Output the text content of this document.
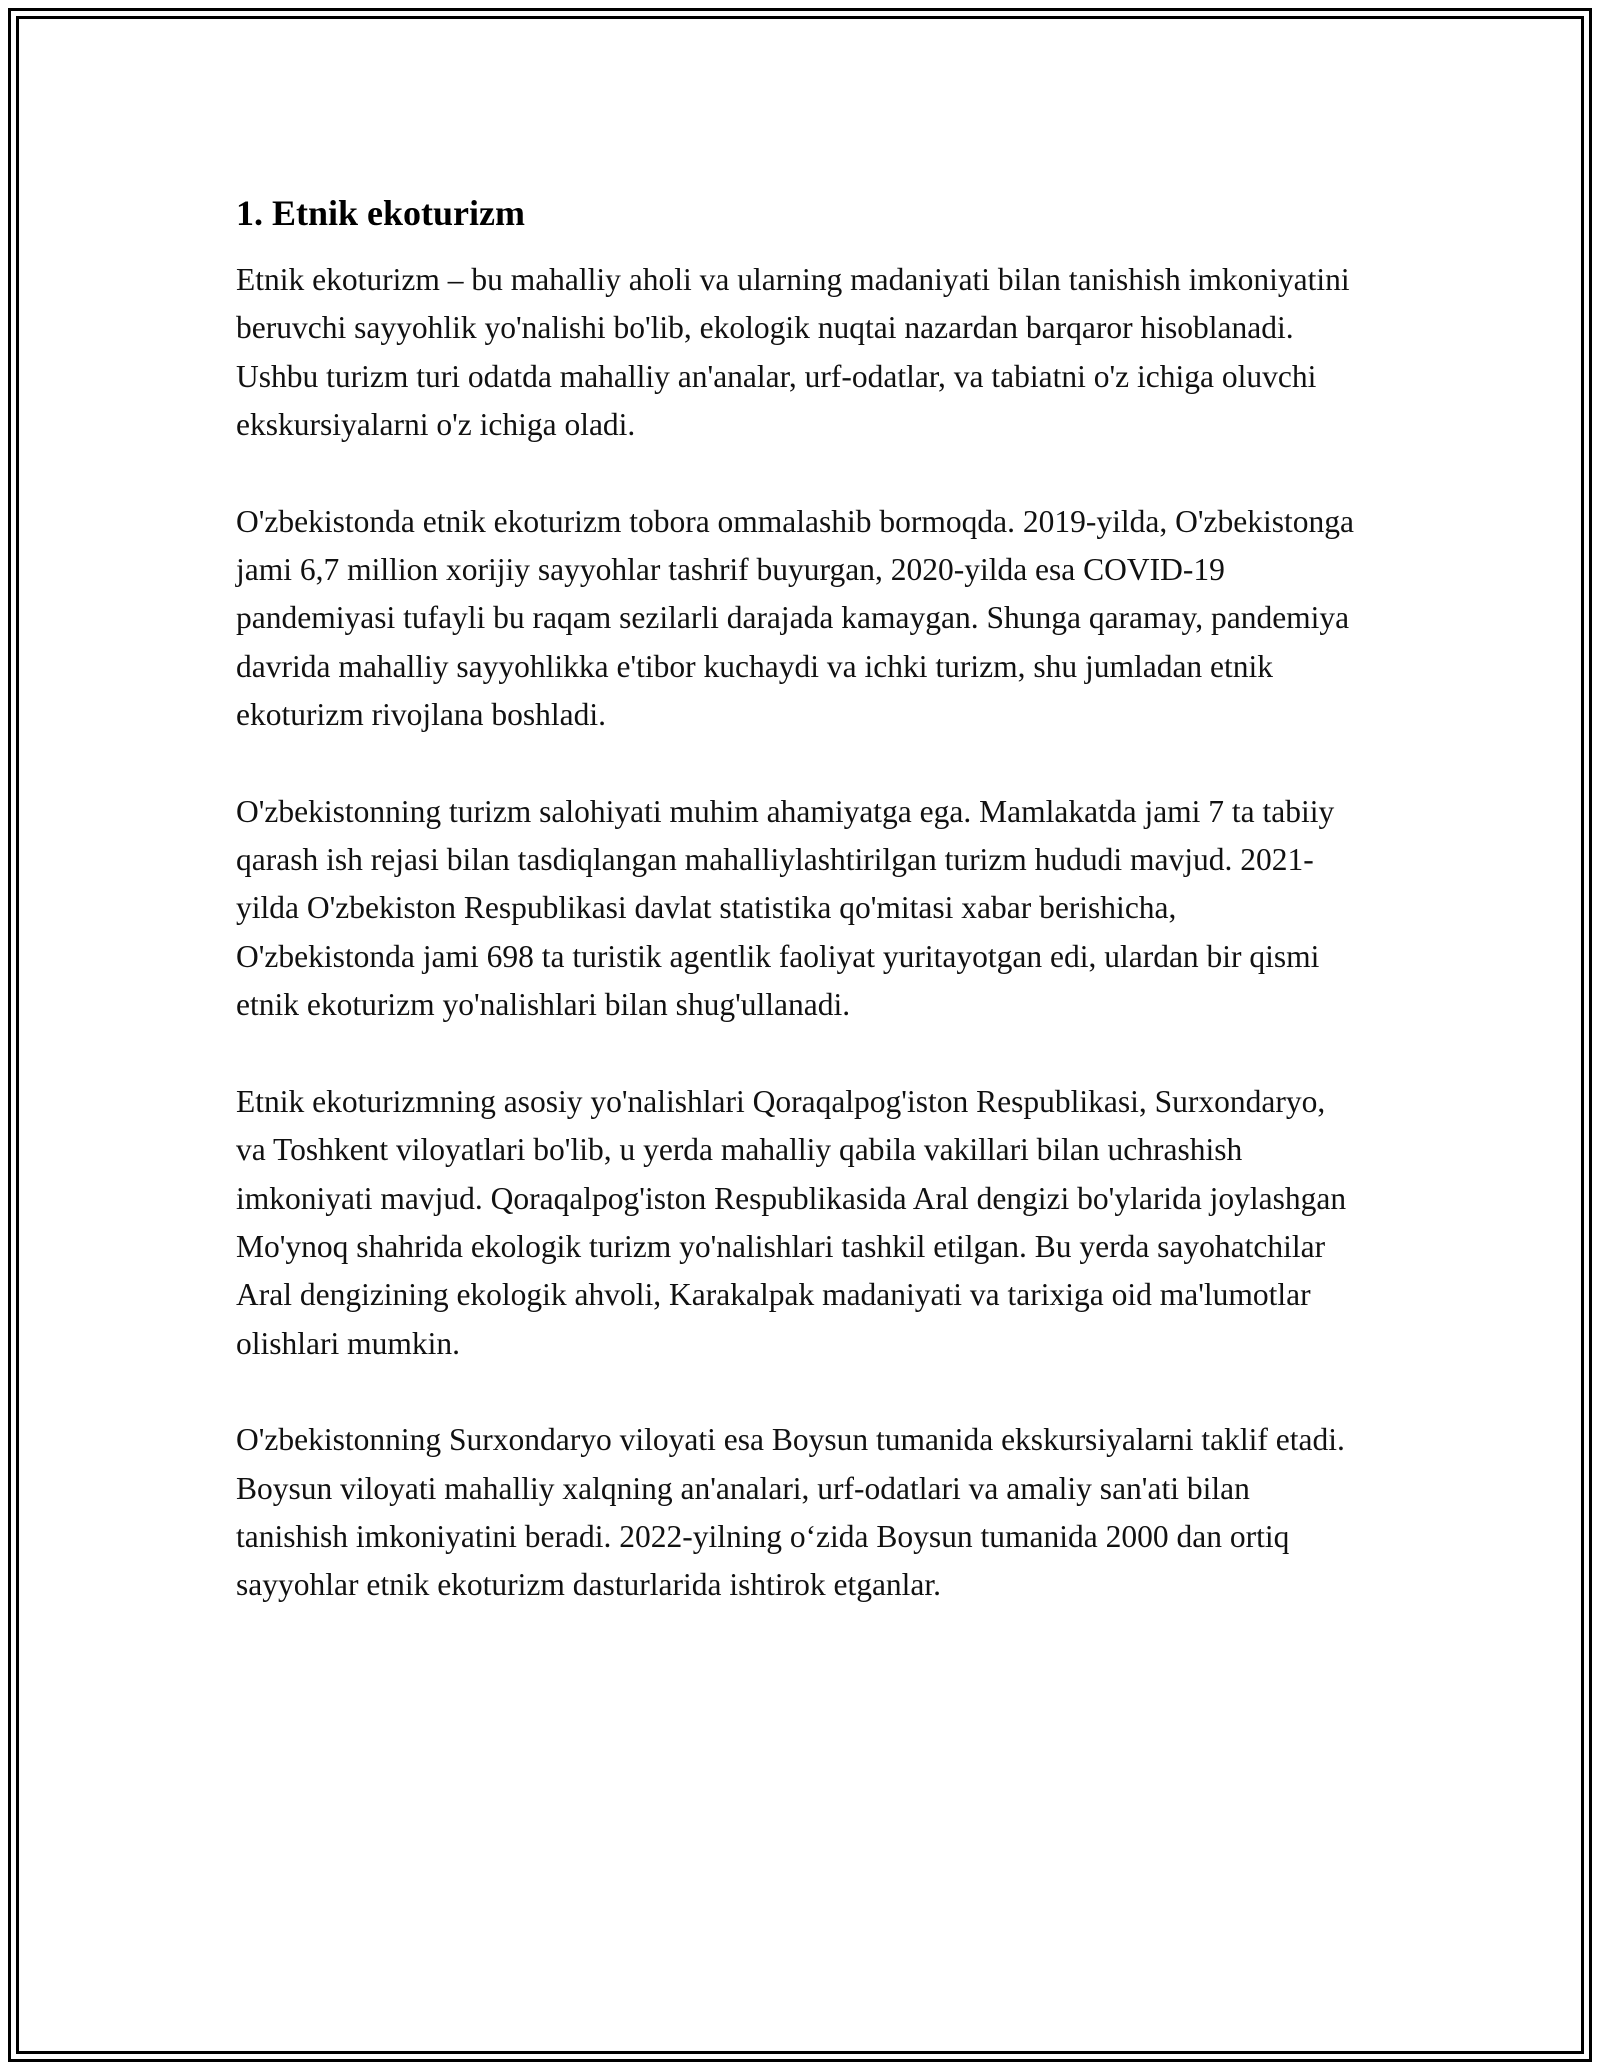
1. Etnik ekoturizm

Etnik ekoturizm – bu mahalliy aholi va ularning madaniyati bilan tanishish imkoniyatini beruvchi sayyohlik yo'nalishi bo'lib, ekologik nuqtai nazardan barqaror hisoblanadi. Ushbu turizm turi odatda mahalliy an'analar, urf-odatlar, va tabiatni o'z ichiga oluvchi ekskursiyalarni o'z ichiga oladi.

O'zbekistonda etnik ekoturizm tobora ommalashib bormoqda. 2019-yilda, O'zbekistonga jami 6,7 million xorijiy sayyohlar tashrif buyurgan, 2020-yilda esa COVID-19 pandemiyasi tufayli bu raqam sezilarli darajada kamaygan. Shunga qaramay, pandemiya davrida mahalliy sayyohlikka e'tibor kuchaydi va ichki turizm, shu jumladan etnik ekoturizm rivojlana boshladi.

O'zbekistonning turizm salohiyati muhim ahamiyatga ega. Mamlakatda jami 7 ta tabiiy qarash ish rejasi bilan tasdiqlangan mahalliylashtirilgan turizm hududi mavjud. 2021-yilda O'zbekiston Respublikasi davlat statistika qo'mitasi xabar berishicha, O'zbekistonda jami 698 ta turistik agentlik faoliyat yuritayotgan edi, ulardan bir qismi etnik ekoturizm yo'nalishlari bilan shug'ullanadi.

Etnik ekoturizmning asosiy yo'nalishlari Qoraqalpog'iston Respublikasi, Surxondaryo, va Toshkent viloyatlari bo'lib, u yerda mahalliy qabila vakillari bilan uchrashish imkoniyati mavjud. Qoraqalpog'iston Respublikasida Aral dengizi bo'ylarida joylashgan Mo'ynoq shahrida ekologik turizm yo'nalishlari tashkil etilgan. Bu yerda sayohatchilar Aral dengizining ekologik ahvoli, Karakalpak madaniyati va tarixiga oid ma'lumotlar olishlari mumkin.

O'zbekistonning Surxondaryo viloyati esa Boysun tumanida ekskursiyalarni taklif etadi. Boysun viloyati mahalliy xalqning an'analari, urf-odatlari va amaliy san'ati bilan tanishish imkoniyatini beradi. 2022-yilning o‘zida Boysun tumanida 2000 dan ortiq sayyohlar etnik ekoturizm dasturlarida ishtirok etganlar.
